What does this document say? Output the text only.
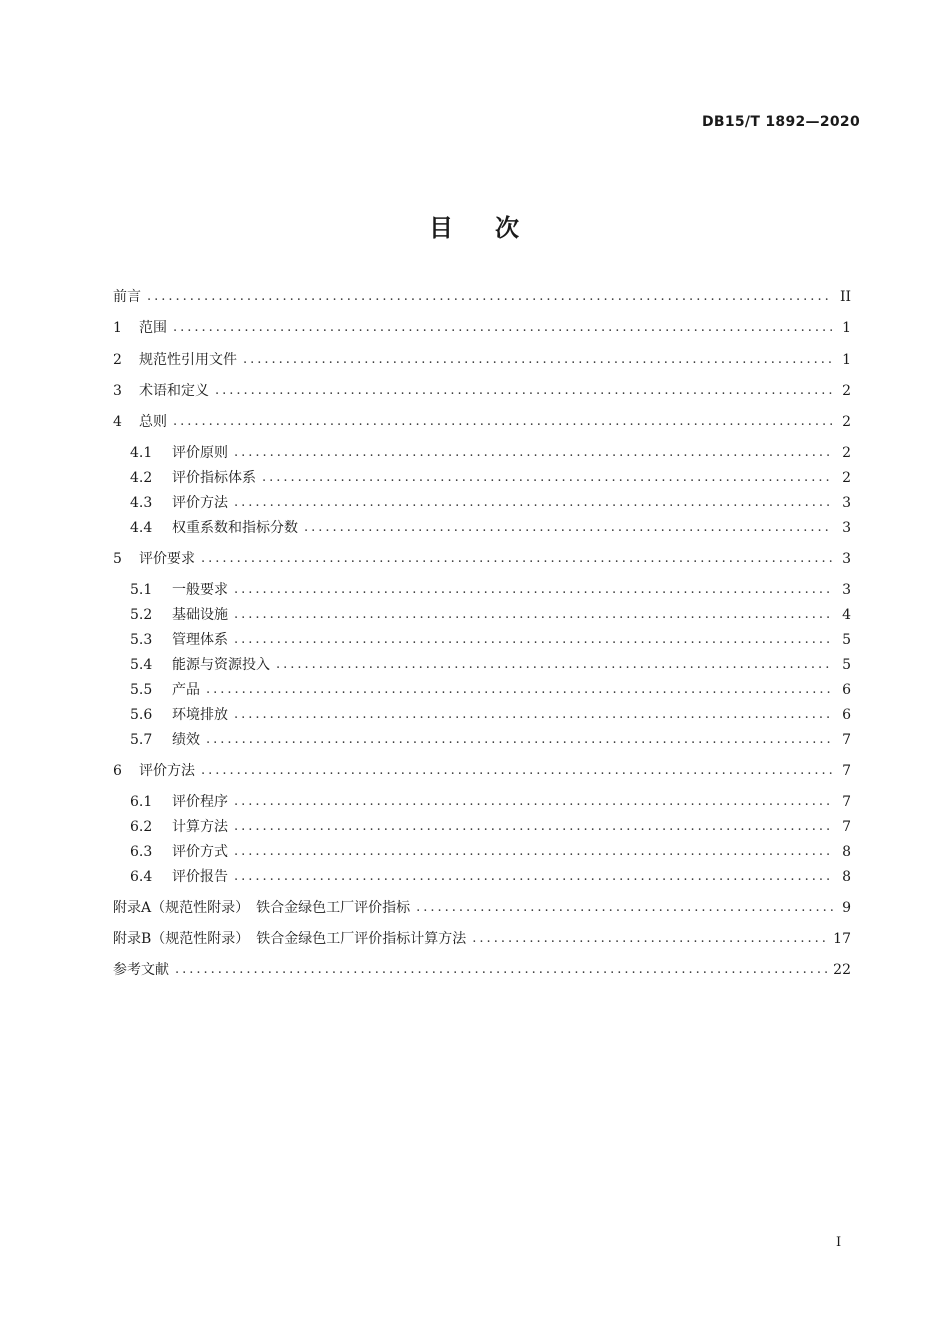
DB15/T 1892—2020
目 次
前言 .....	II
1	范围 .....	1
2	规范性引用文件 .....	1
3	术语和定义 .....	2
4	总则 .....	2
4.1	评价原则 .....	2
4.2	评价指标体系 .....	2
4.3	评价方法 .....	3
4.4	权重系数和指标分数 .....	3
5	评价要求 .....	3
5.1	一般要求 .....	3
5.2	基础设施 .....	4
5.3	管理体系 .....	5
5.4	能源与资源投入 .....	5
5.5	产品 .....	6
5.6	环境排放 .....	6
5.7	绩效 .....	7
6	评价方法 .....	7
6.1	评价程序 .....	7
6.2	计算方法 .....	7
6.3	评价方式 .....	8
6.4	评价报告 .....	8
附录A（规范性附录）　铁合金绿色工厂评价指标 .....	9
附录B（规范性附录）　铁合金绿色工厂评价指标计算方法 .....	17
参考文献 .....	22
I
